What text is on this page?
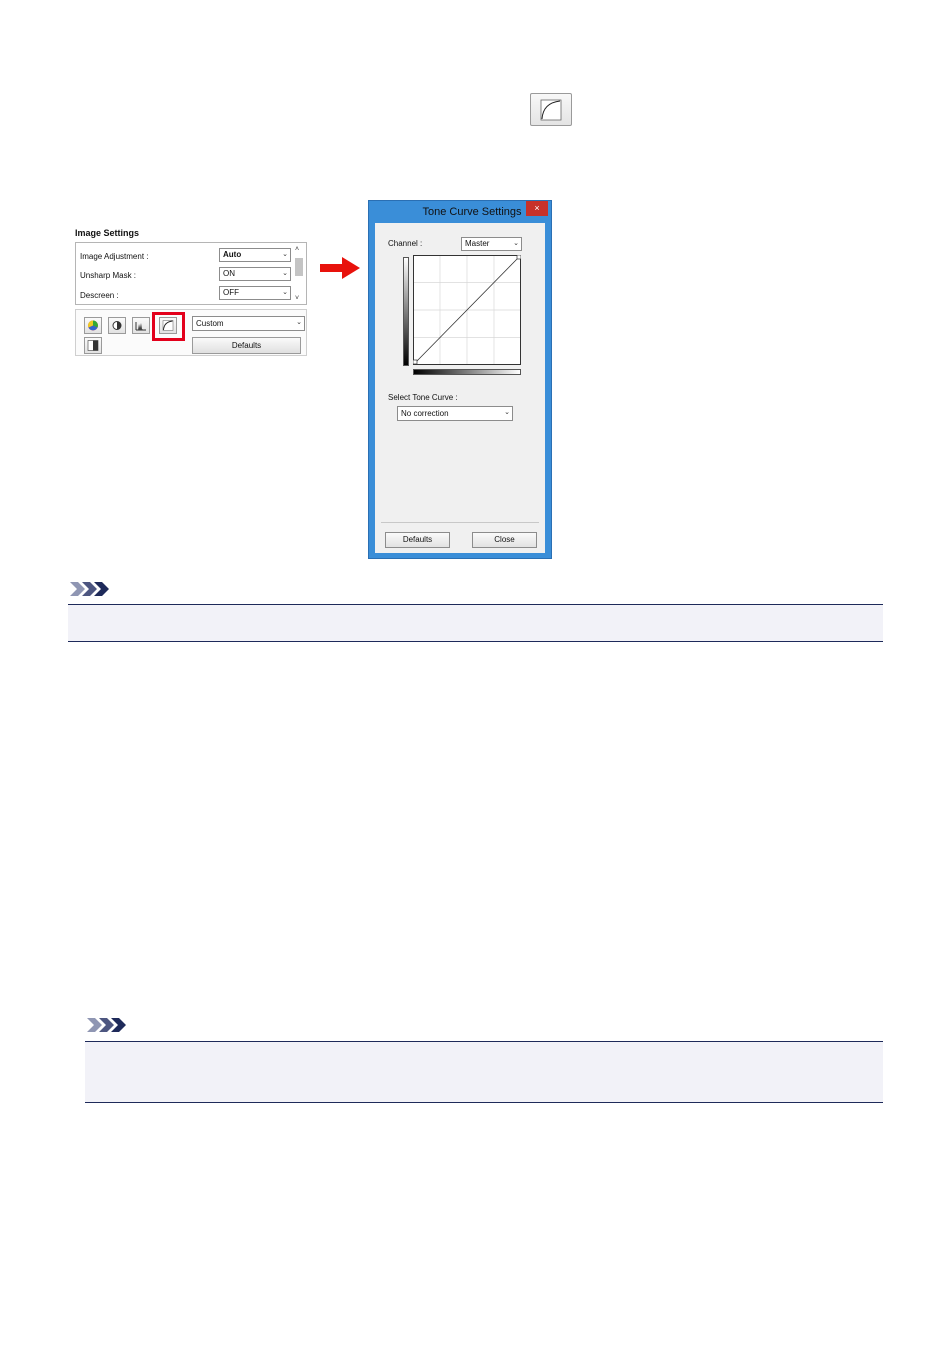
Image Settings
Image Adjustment :	Auto	⌄
Unsharp Mask :	ON	⌄
Descreen :	OFF	⌄
˄
˅
Custom	⌄
Defaults
Tone Curve Settings	×
Channel :	Master	⌄
Select Tone Curve :
No correction	⌄
Defaults	Close
